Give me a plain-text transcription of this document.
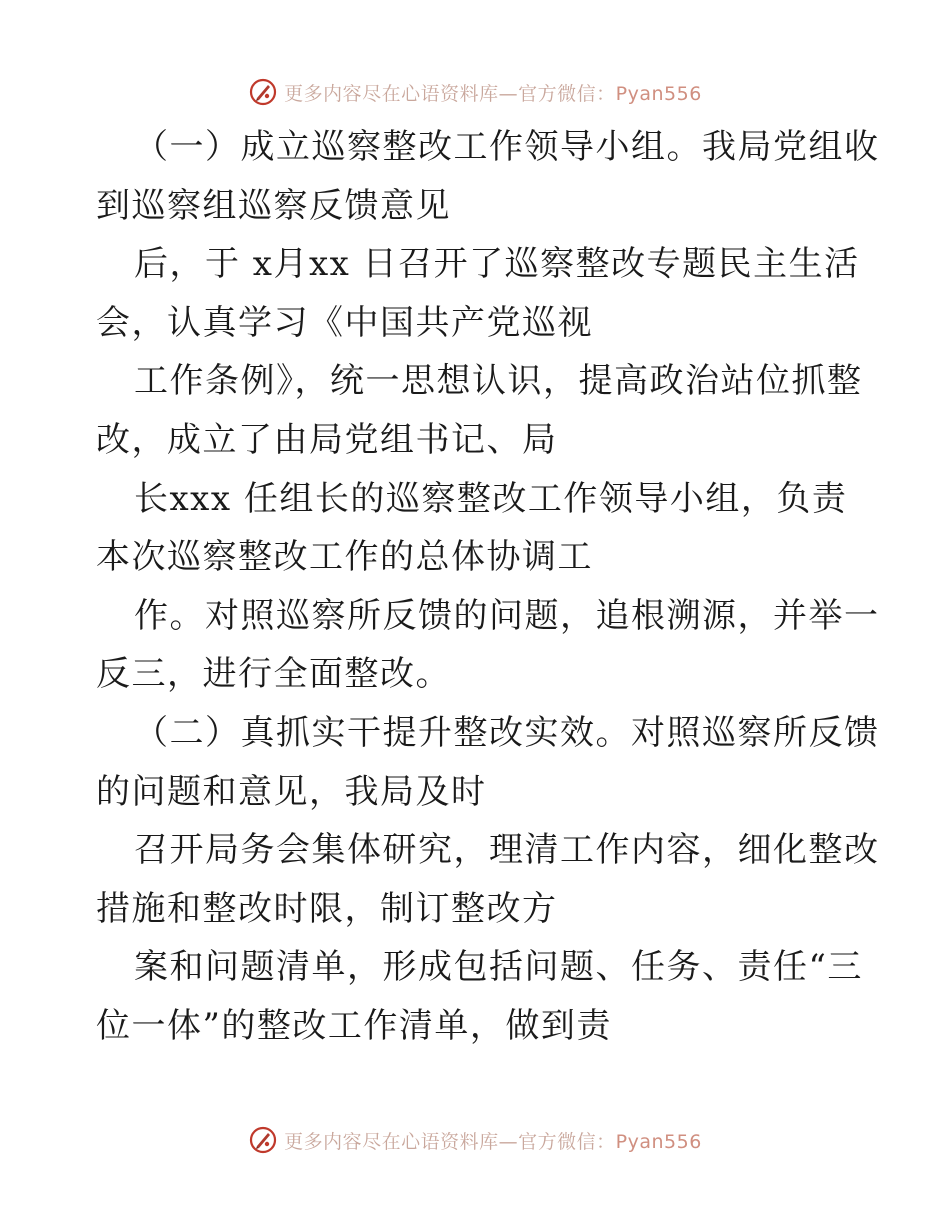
更多内容尽在心语资料库—官方微信：Pyan556
（一）成立巡察整改工作领导小组。我局党组收
到巡察组巡察反馈意见
后，于 x月xx 日召开了巡察整改专题民主生活
会，认真学习《中国共产党巡视
工作条例》，统一思想认识，提高政治站位抓整
改，成立了由局党组书记、局
长xxx 任组长的巡察整改工作领导小组，负责
本次巡察整改工作的总体协调工
作。对照巡察所反馈的问题，追根溯源，并举一
反三，进行全面整改。
（二）真抓实干提升整改实效。对照巡察所反馈
的问题和意见，我局及时
召开局务会集体研究，理清工作内容，细化整改
措施和整改时限，制订整改方
案和问题清单，形成包括问题、任务、责任“三
位一体”的整改工作清单，做到责
更多内容尽在心语资料库—官方微信：Pyan556
